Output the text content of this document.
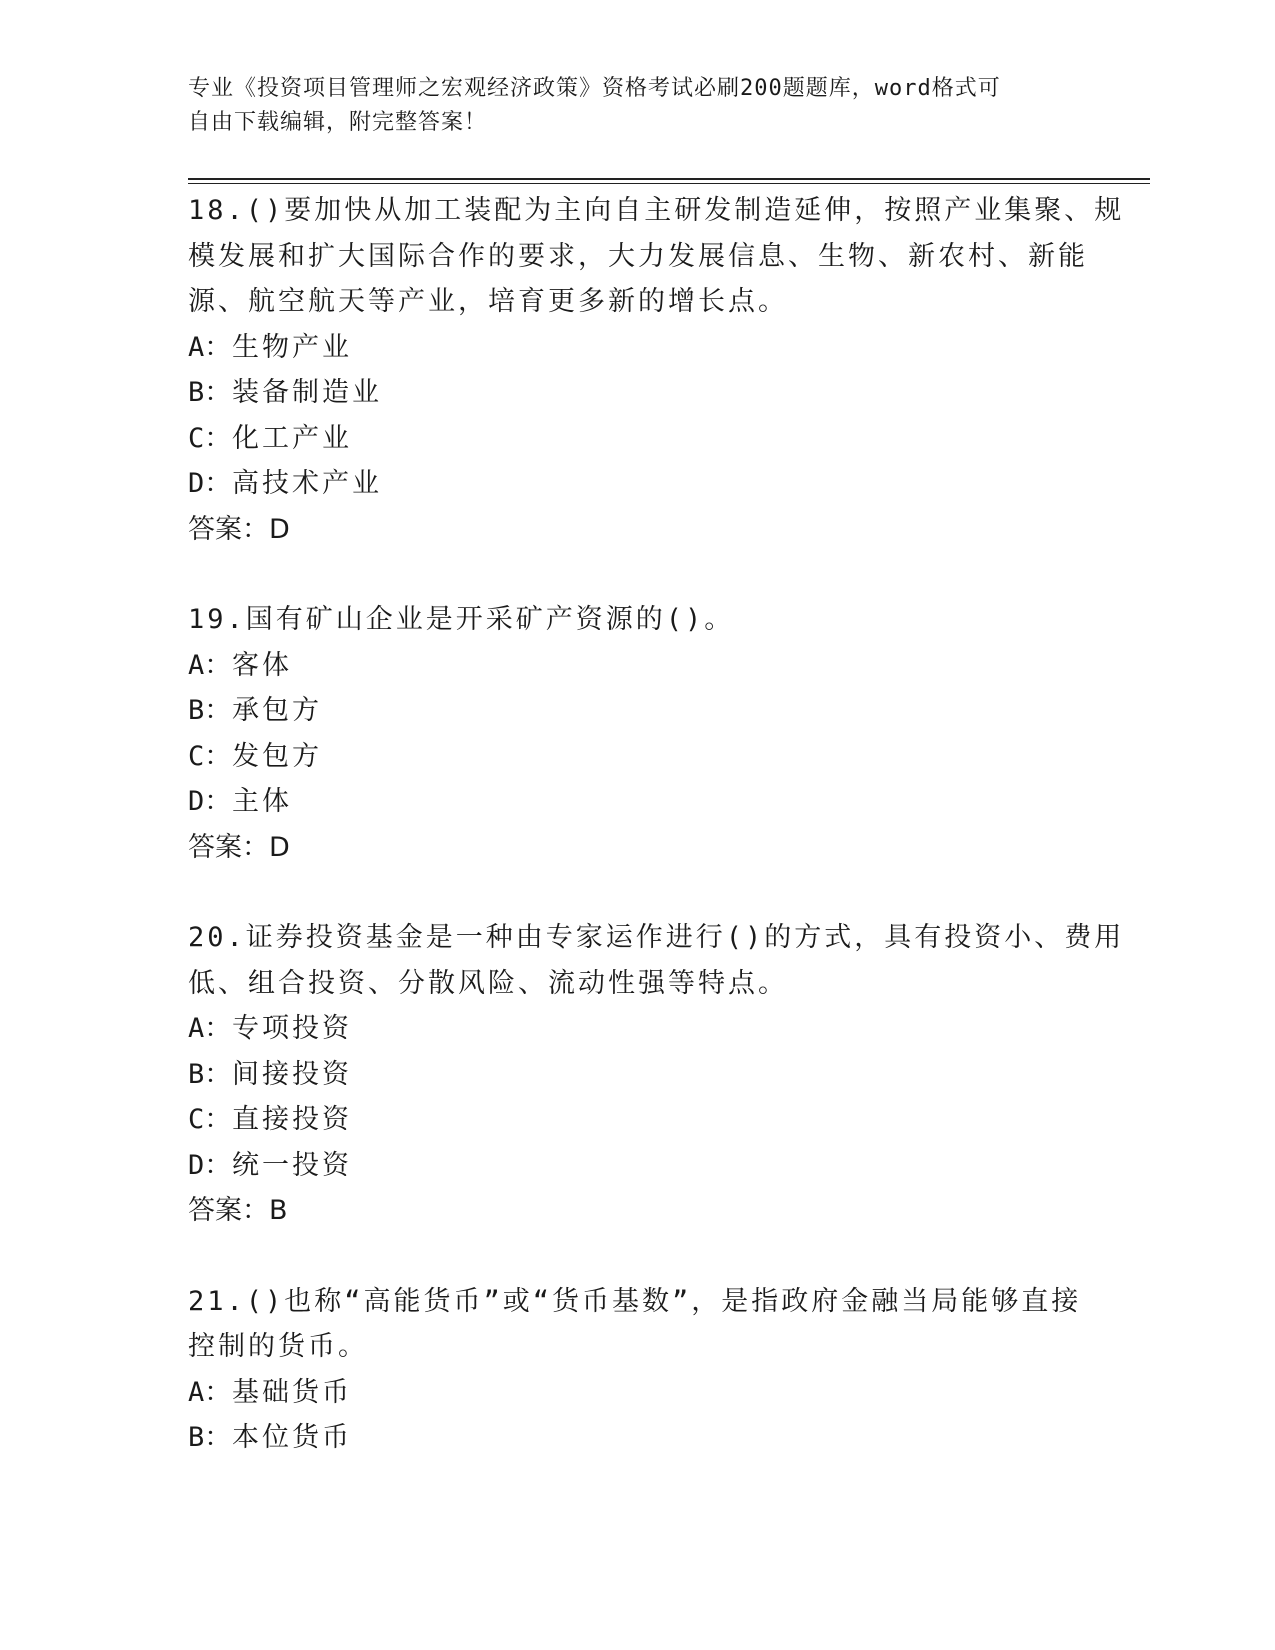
专业《投资项目管理师之宏观经济政策》资格考试必刷200题题库，word格式可
自由下载编辑，附完整答案！
18.()要加快从加工装配为主向自主研发制造延伸，按照产业集聚、规
模发展和扩大国际合作的要求，大力发展信息、生物、新农村、新能
源、航空航天等产业，培育更多新的增长点。
A：生物产业
B：装备制造业
C：化工产业
D：高技术产业
答案：D
19.国有矿山企业是开采矿产资源的()。
A：客体
B：承包方
C：发包方
D：主体
答案：D
20.证券投资基金是一种由专家运作进行()的方式，具有投资小、费用
低、组合投资、分散风险、流动性强等特点。
A：专项投资
B：间接投资
C：直接投资
D：统一投资
答案：B
21.()也称“高能货币”或“货币基数”，是指政府金融当局能够直接
控制的货币。
A：基础货币
B：本位货币
